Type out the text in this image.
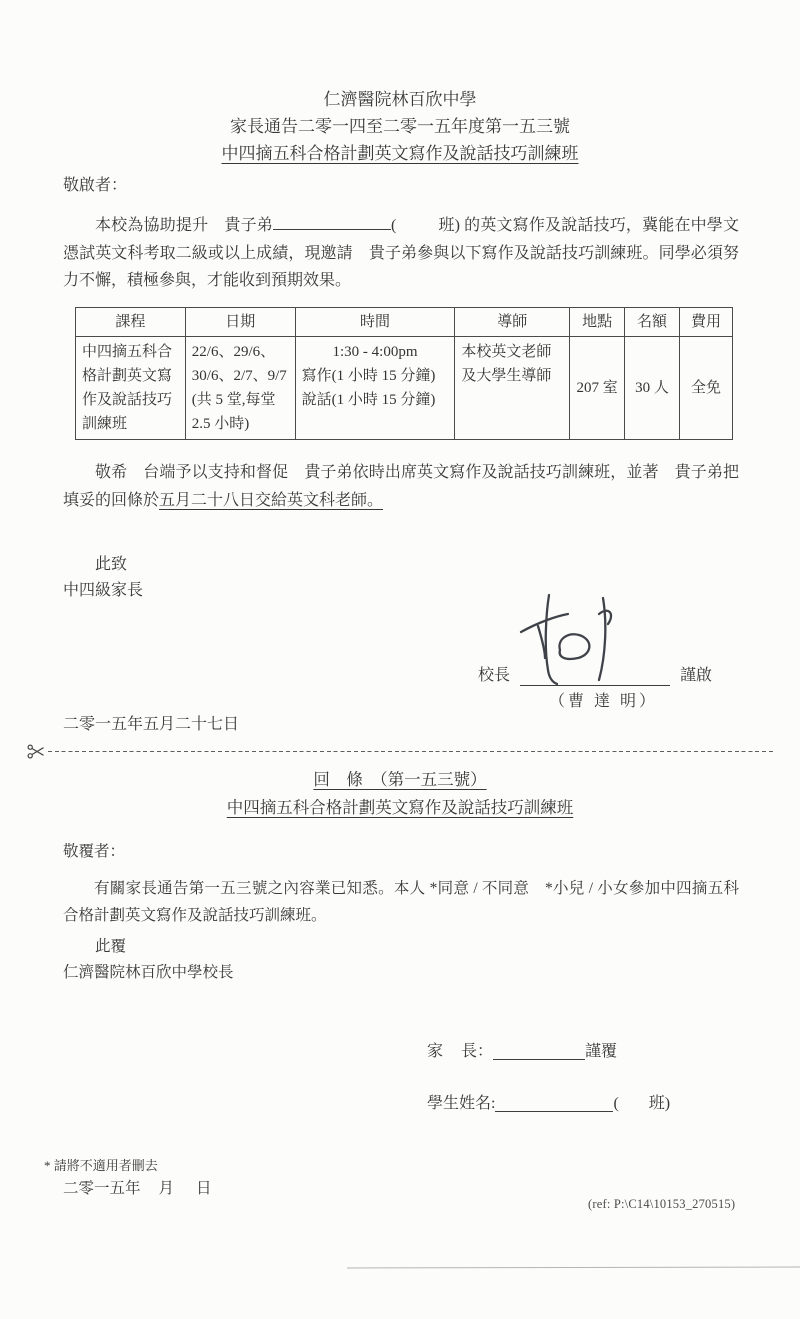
仁濟醫院林百欣中學
家長通告二零一四至二零一五年度第一五三號
中四摘五科合格計劃英文寫作及說話技巧訓練班
敬啟者：
本校為協助提升　貴子弟	(	班) 的英文寫作及說話技巧，冀能在中學文憑試英文科考取二級或以上成績，現邀請　貴子弟參與以下寫作及說話技巧訓練班。同學必須努力不懈，積極參與，才能收到預期效果。
課程	日期	時間	導師	地點	名額	費用
中四摘五科合格計劃英文寫作及說話技巧訓練班	22/6、29/6、30/6、2/7、9/7 (共 5 堂,每堂 2.5 小時)	1:30 - 4:00pm
寫作(1 小時 15 分鐘)
說話(1 小時 15 分鐘)	本校英文老師及大學生導師	207 室	30 人	全免
敬希　台端予以支持和督促　貴子弟依時出席英文寫作及說話技巧訓練班，並著　貴子弟把填妥的回條於五月二十八日交給英文科老師。
此致
中四級家長
校長	謹啟
（曹 達 明）
二零一五年五月二十七日
回　條　（第一五三號）
中四摘五科合格計劃英文寫作及說話技巧訓練班
敬覆者：
有關家長通告第一五三號之內容業已知悉。本人 *同意 / 不同意　*小兒 / 小女參加中四摘五科合格計劃英文寫作及說話技巧訓練班。
此覆
仁濟醫院林百欣中學校長
家 長：	謹覆
學生姓名:	( 班)
* 請將不適用者刪去
二零一五年 月 日
(ref: P:\C14\10153_270515)
